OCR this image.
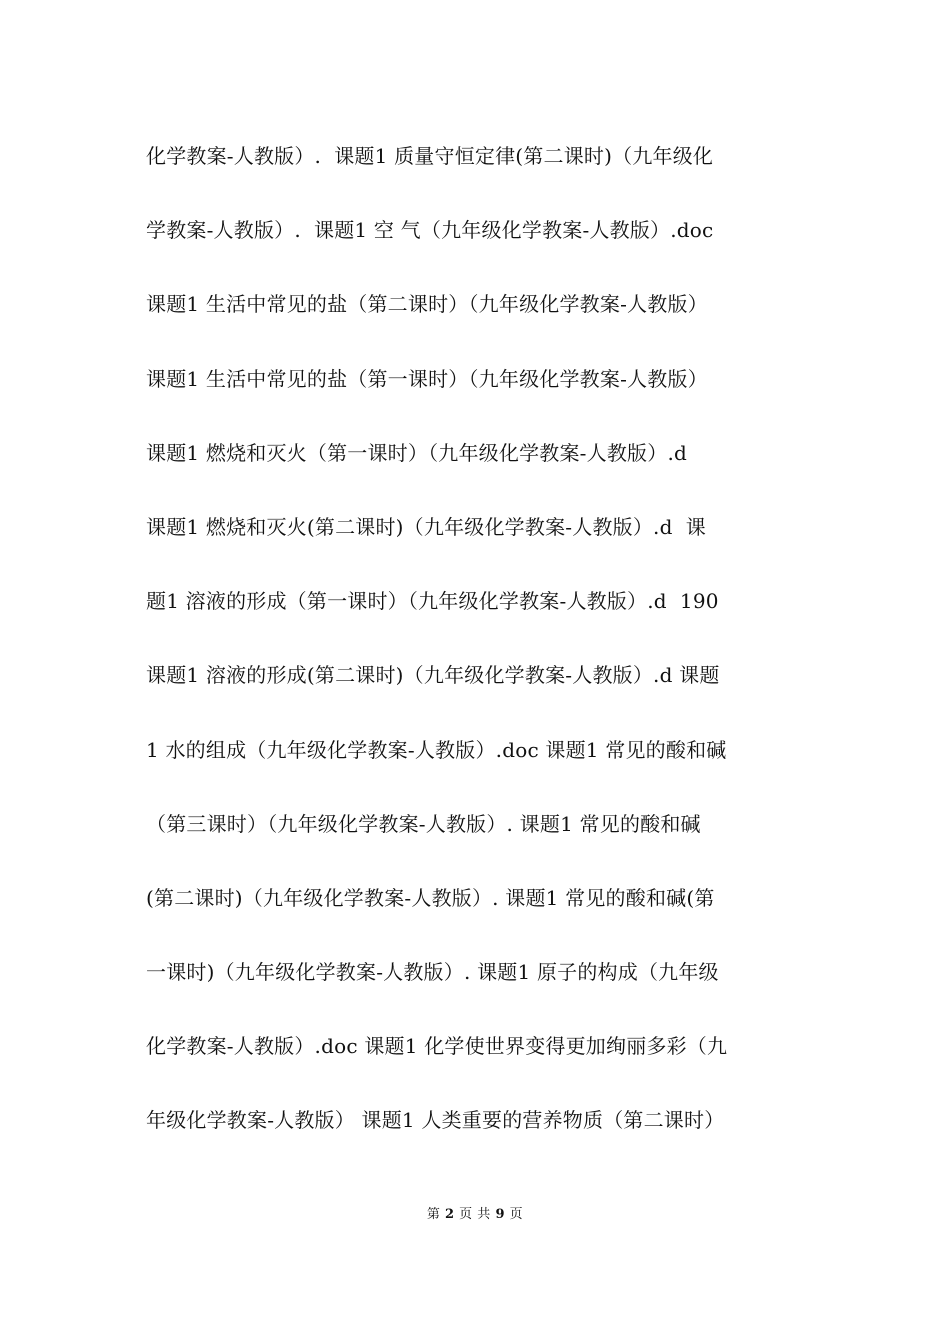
化学教案-人教版）.  课题1 质量守恒定律(第二课时)（九年级化
学教案-人教版）.  课题1 空 气（九年级化学教案-人教版）.doc
课题1 生活中常见的盐（第二课时）（九年级化学教案-人教版）
课题1 生活中常见的盐（第一课时）（九年级化学教案-人教版）
课题1 燃烧和灭火（第一课时）（九年级化学教案-人教版）.d
课题1 燃烧和灭火(第二课时)（九年级化学教案-人教版）.d  课
题1 溶液的形成（第一课时）（九年级化学教案-人教版）.d  190
课题1 溶液的形成(第二课时)（九年级化学教案-人教版）.d 课题
1 水的组成（九年级化学教案-人教版）.doc 课题1 常见的酸和碱
（第三课时）（九年级化学教案-人教版）. 课题1 常见的酸和碱
(第二课时)（九年级化学教案-人教版）. 课题1 常见的酸和碱(第
一课时)（九年级化学教案-人教版）. 课题1 原子的构成（九年级
化学教案-人教版）.doc 课题1 化学使世界变得更加绚丽多彩（九
年级化学教案-人教版） 课题1 人类重要的营养物质（第二课时）
第 2 页 共 9 页
